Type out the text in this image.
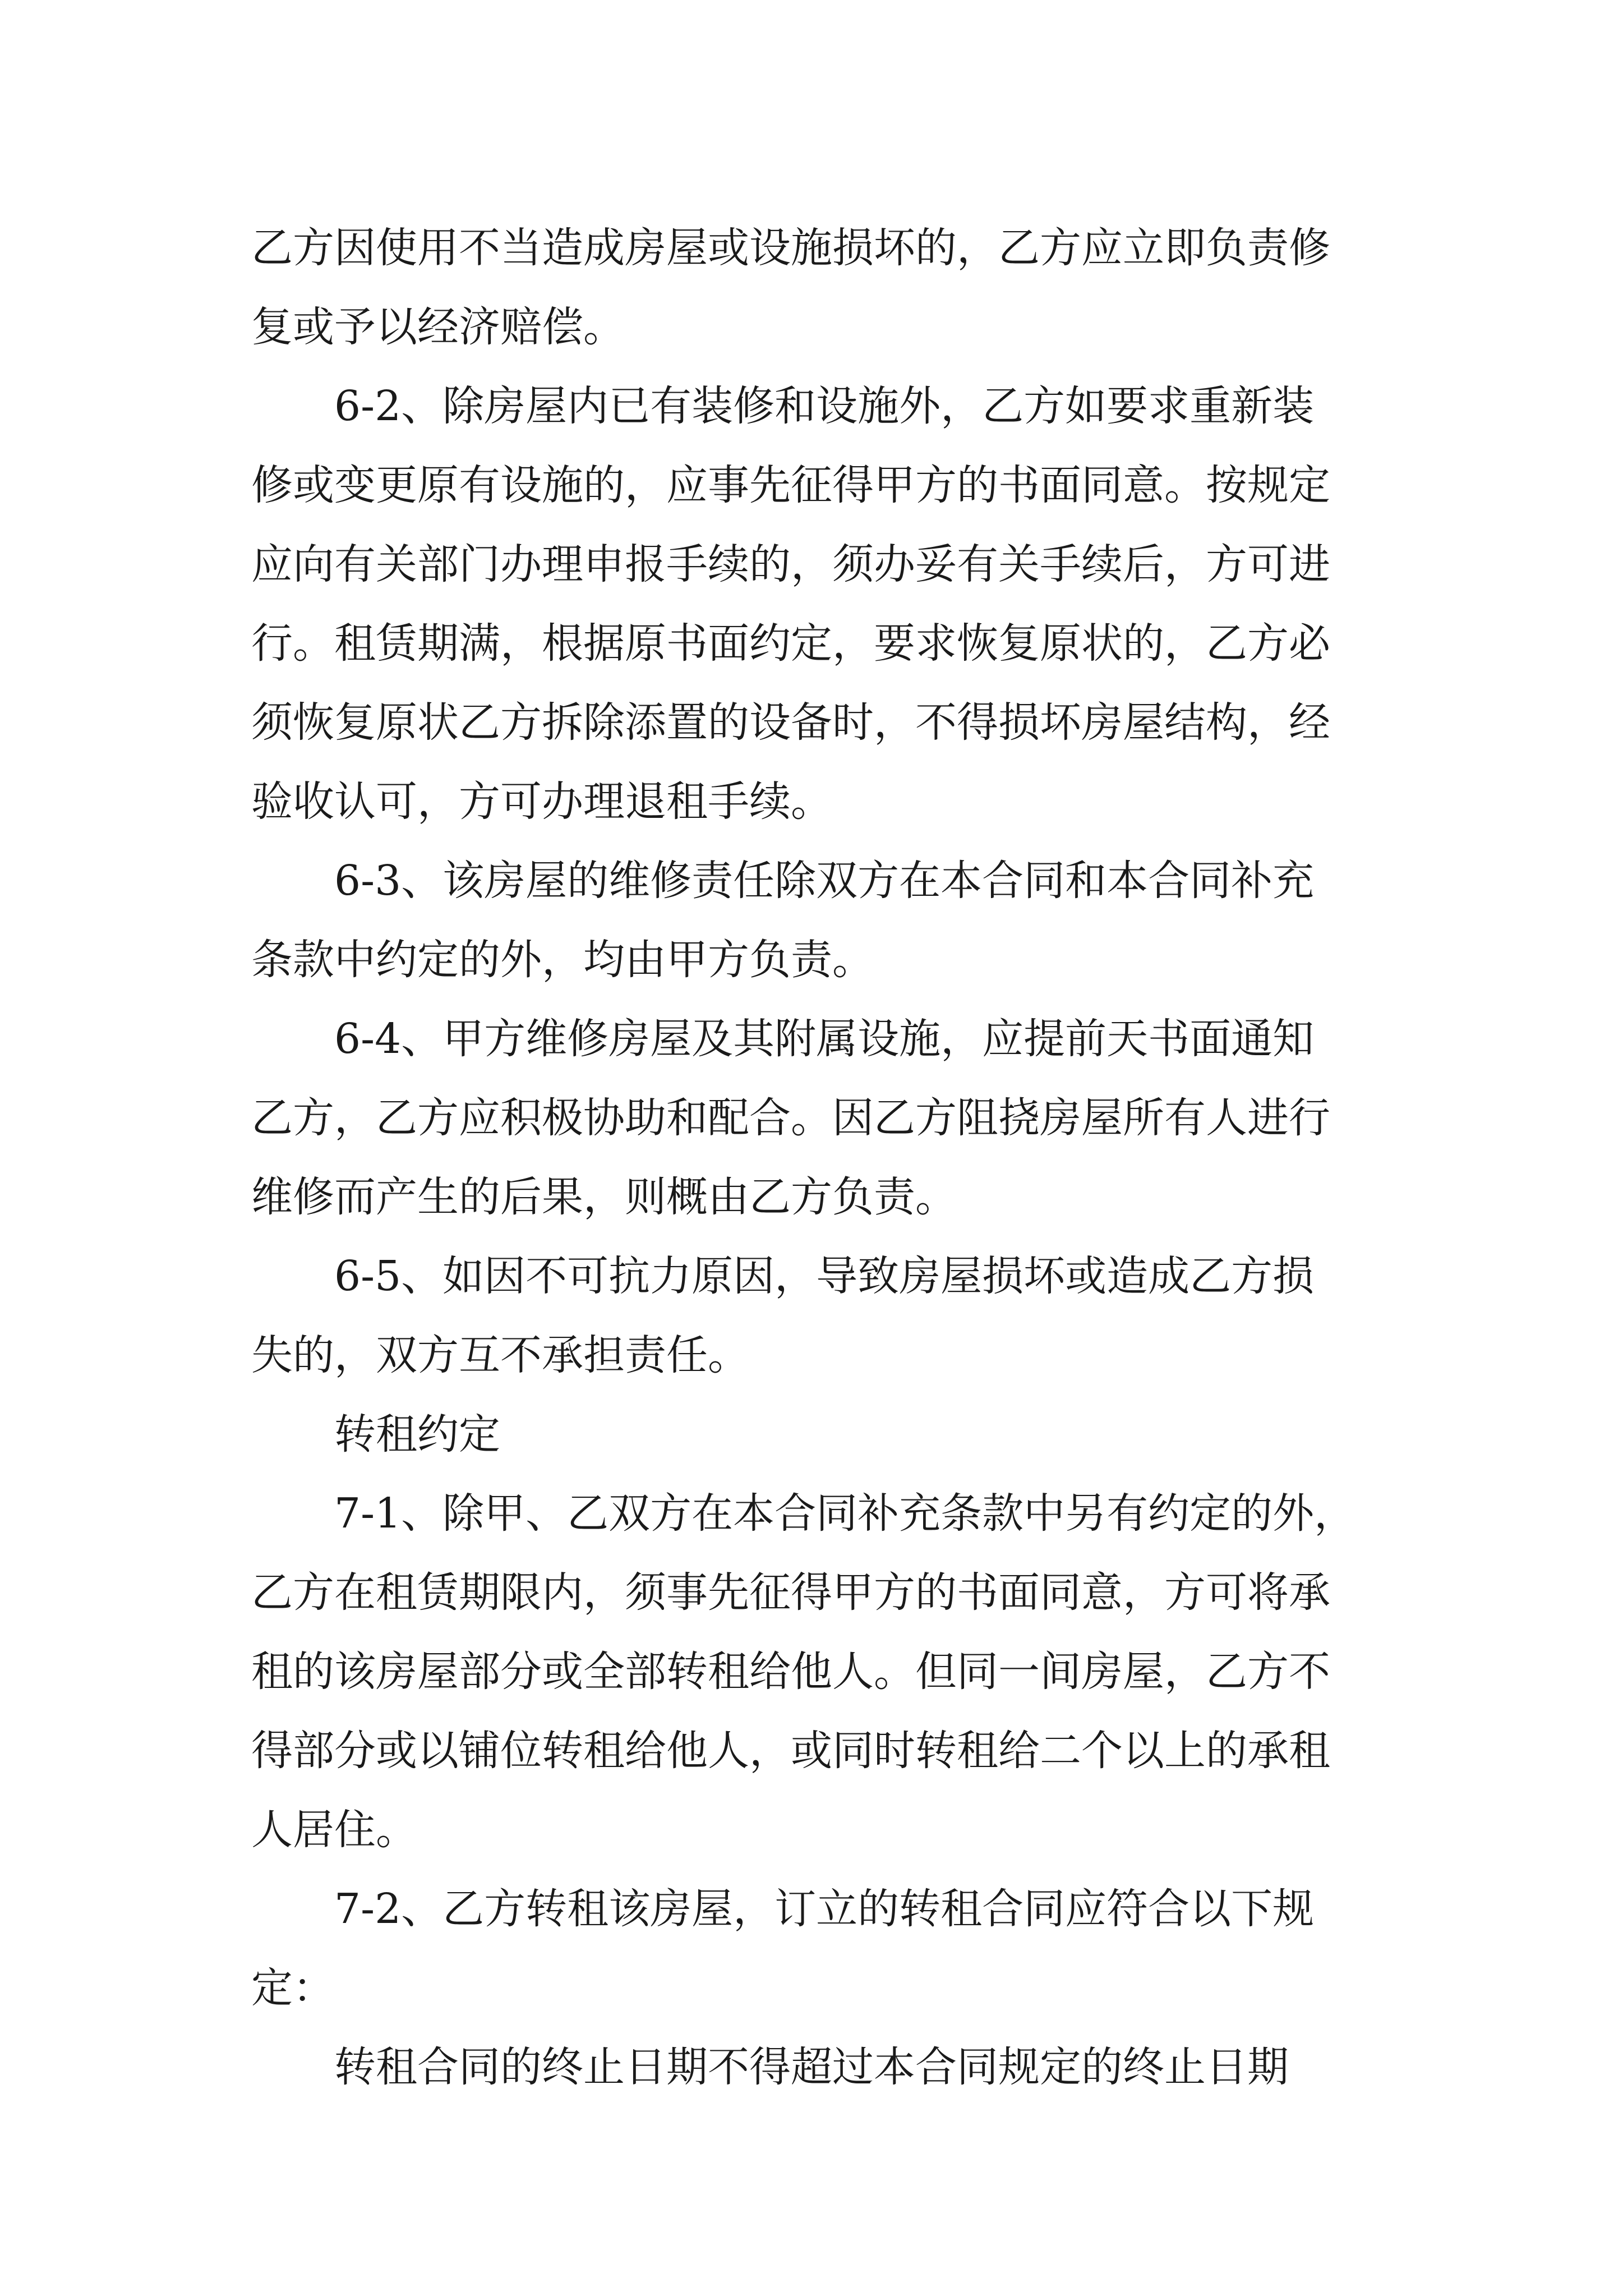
乙方因使用不当造成房屋或设施损坏的，乙方应立即负责修
复或予以经济赔偿。
6-2、除房屋内已有装修和设施外，乙方如要求重新装
修或变更原有设施的，应事先征得甲方的书面同意。按规定
应向有关部门办理申报手续的，须办妥有关手续后，方可进
行。租赁期满，根据原书面约定，要求恢复原状的，乙方必
须恢复原状乙方拆除添置的设备时，不得损坏房屋结构，经
验收认可，方可办理退租手续。
6-3、该房屋的维修责任除双方在本合同和本合同补充
条款中约定的外，均由甲方负责。
6-4、甲方维修房屋及其附属设施，应提前天书面通知
乙方，乙方应积极协助和配合。因乙方阻挠房屋所有人进行
维修而产生的后果，则概由乙方负责。
6-5、如因不可抗力原因，导致房屋损坏或造成乙方损
失的，双方互不承担责任。
转租约定
7-1、除甲、乙双方在本合同补充条款中另有约定的外，
乙方在租赁期限内，须事先征得甲方的书面同意，方可将承
租的该房屋部分或全部转租给他人。但同一间房屋，乙方不
得部分或以铺位转租给他人，或同时转租给二个以上的承租
人居住。
7-2、乙方转租该房屋，订立的转租合同应符合以下规
定：
转租合同的终止日期不得超过本合同规定的终止日期
